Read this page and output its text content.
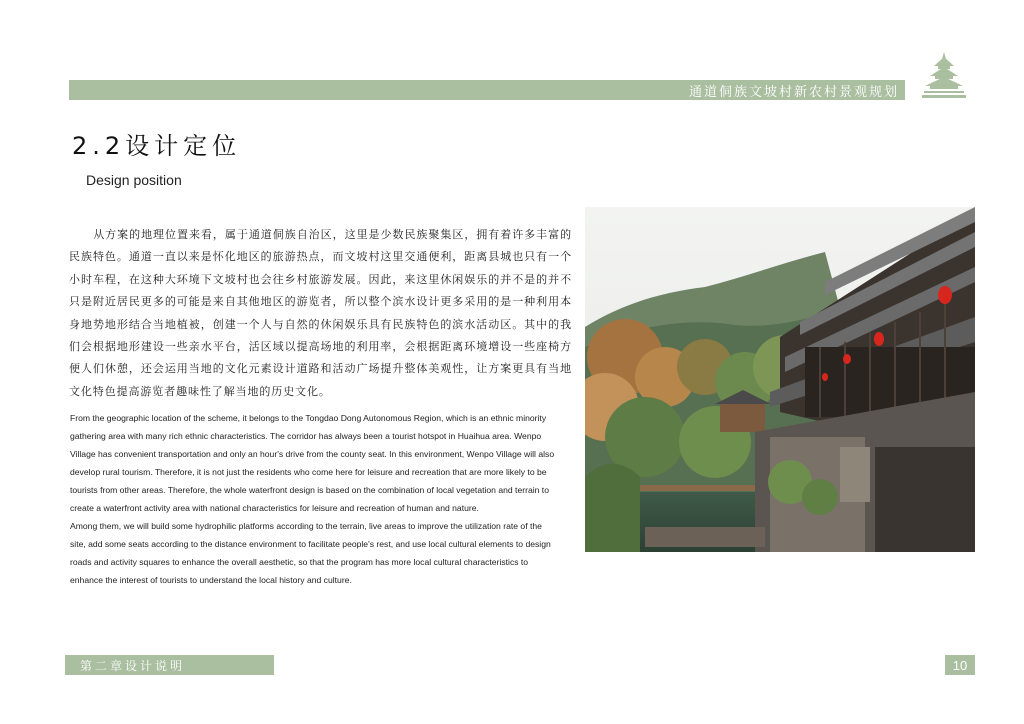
通道侗族文坡村新农村景观规划
2.2设计定位
Design position

从方案的地理位置来看，属于通道侗族自治区，这里是少数民族聚集区，拥有着许多丰富的民族特色。通道一直以来是怀化地区的旅游热点，而文坡村这里交通便利，距离县城也只有一个小时车程，在这种大环境下文坡村也会往乡村旅游发展。因此，来这里休闲娱乐的并不是的并不只是附近居民更多的可能是来自其他地区的游览者，所以整个滨水设计更多采用的是一种利用本身地势地形结合当地植被，创建一个人与自然的休闲娱乐具有民族特色的滨水活动区。其中的我们会根据地形建设一些亲水平台，活区域以提高场地的利用率，会根据距离环境增设一些座椅方便人们休憩，还会运用当地的文化元素设计道路和活动广场提升整体美观性，让方案更具有当地文化特色提高游览者趣味性了解当地的历史文化。

From the geographic location of the scheme, it belongs to the Tongdao Dong Autonomous Region, which is an ethnic minority gathering area with many rich ethnic characteristics. The corridor has always been a tourist hotspot in Huaihua area. Wenpo Village has convenient transportation and only an hour's drive from the county seat. In this environment, Wenpo Village will also develop rural tourism. Therefore, it is not just the residents who come here for leisure and recreation that are more likely to be tourists from other areas. Therefore, the whole waterfront design is based on the combination of local vegetation and terrain to create a waterfront activity area with national characteristics for leisure and recreation of human and nature.
Among them, we will build some hydrophilic platforms according to the terrain, live areas to improve the utilization rate of the site, add some seats according to the distance environment to facilitate people's rest, and use local cultural elements to design roads and activity squares to enhance the overall aesthetic, so that the program has more local cultural characteristics to enhance the interest of tourists to understand the local history and culture.

第二章设计说明	10
